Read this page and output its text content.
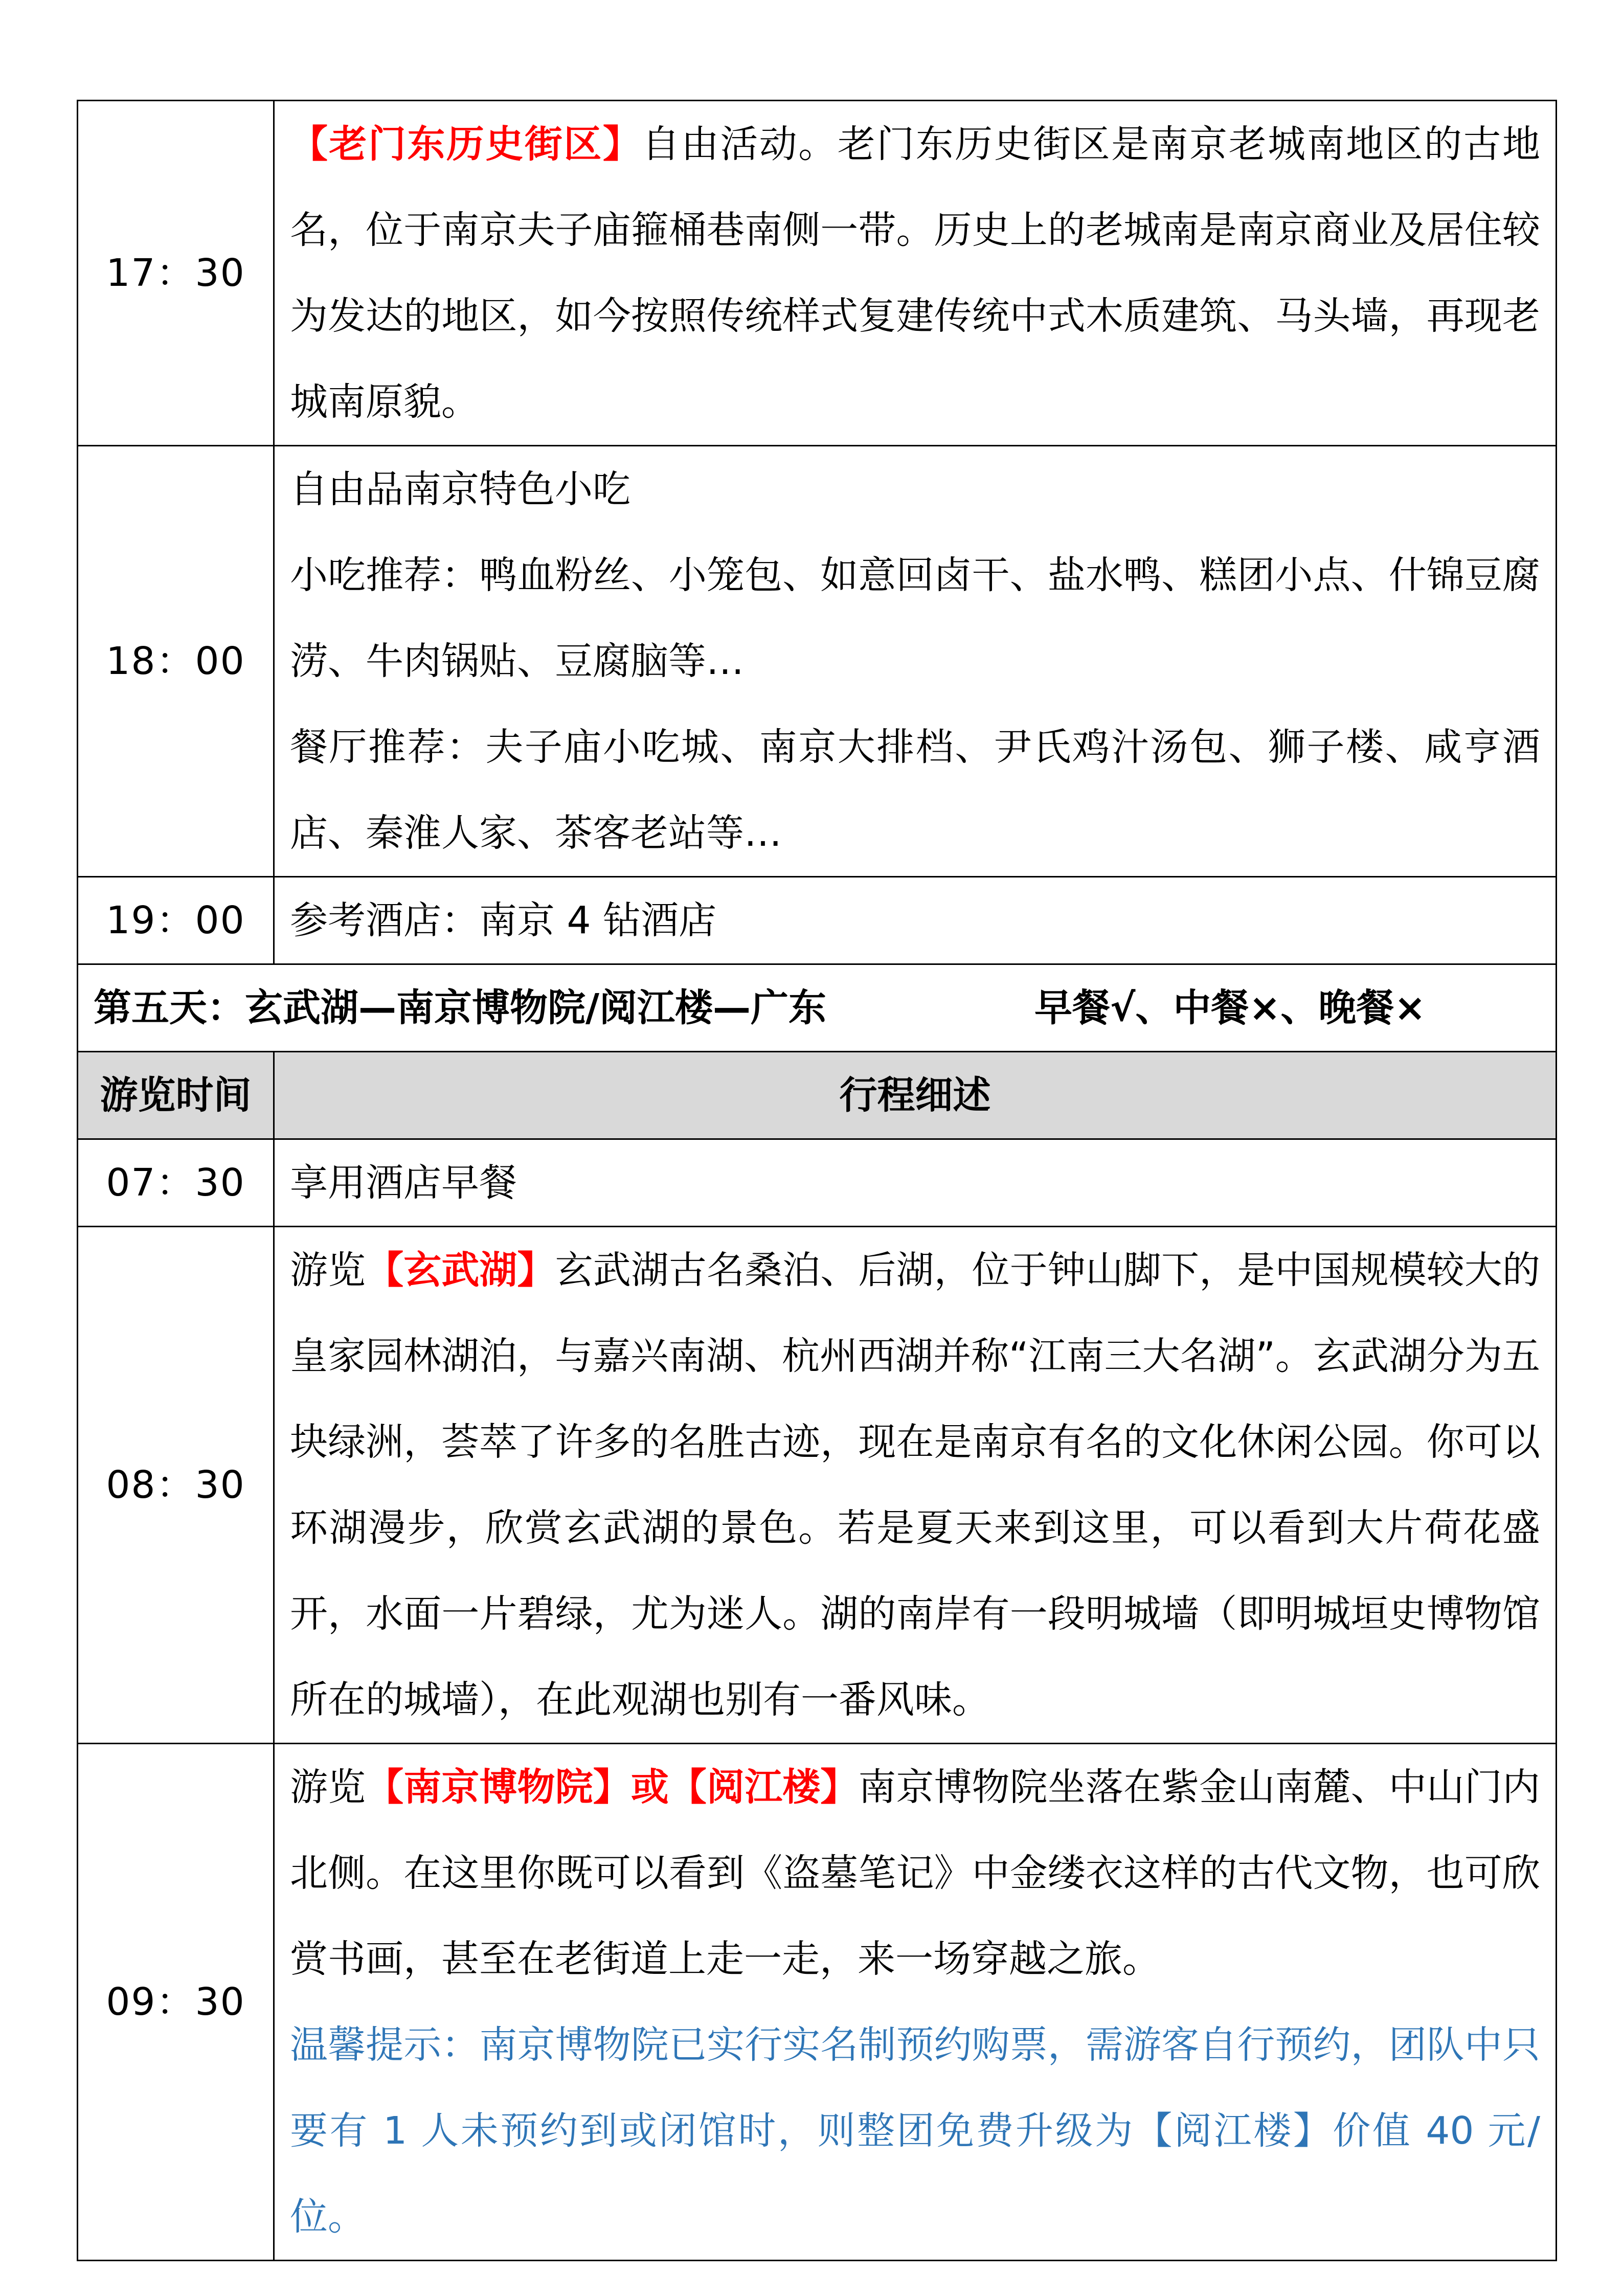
17：30	【老门东历史街区】自由活动。老门东历史街区是南京老城南地区的古地名，位于南京夫子庙箍桶巷南侧一带。历史上的老城南是南京商业及居住较为发达的地区，如今按照传统样式复建传统中式木质建筑、马头墙，再现老城南原貌。
18：00	自由品南京特色小吃
小吃推荐：鸭血粉丝、小笼包、如意回卤干、盐水鸭、糕团小点、什锦豆腐涝、牛肉锅贴、豆腐脑等…
餐厅推荐：夫子庙小吃城、南京大排档、尹氏鸡汁汤包、狮子楼、咸亨酒店、秦淮人家、茶客老站等…

19：00	参考酒店：南京 4 钻酒店
第五天：玄武湖—南京博物院/阅江楼—广东 早餐√、中餐×、晚餐×	
游览时间	行程细述
07：30	享用酒店早餐
08：30	游览【玄武湖】玄武湖古名桑泊、后湖，位于钟山脚下，是中国规模较大的皇家园林湖泊，与嘉兴南湖、杭州西湖并称“江南三大名湖”。玄武湖分为五块绿洲，荟萃了许多的名胜古迹，现在是南京有名的文化休闲公园。你可以环湖漫步，欣赏玄武湖的景色。若是夏天来到这里，可以看到大片荷花盛开，水面一片碧绿，尤为迷人。湖的南岸有一段明城墙（即明城垣史博物馆所在的城墙），在此观湖也别有一番风味。
09：30	游览【南京博物院】或【阅江楼】南京博物院坐落在紫金山南麓、中山门内北侧。在这里你既可以看到《盗墓笔记》中金缕衣这样的古代文物，也可欣赏书画，甚至在老街道上走一走，来一场穿越之旅。
温馨提示：南京博物院已实行实名制预约购票，需游客自行预约，团队中只要有 1 人未预约到或闭馆时，则整团免费升级为【阅江楼】价值 40 元/位。
